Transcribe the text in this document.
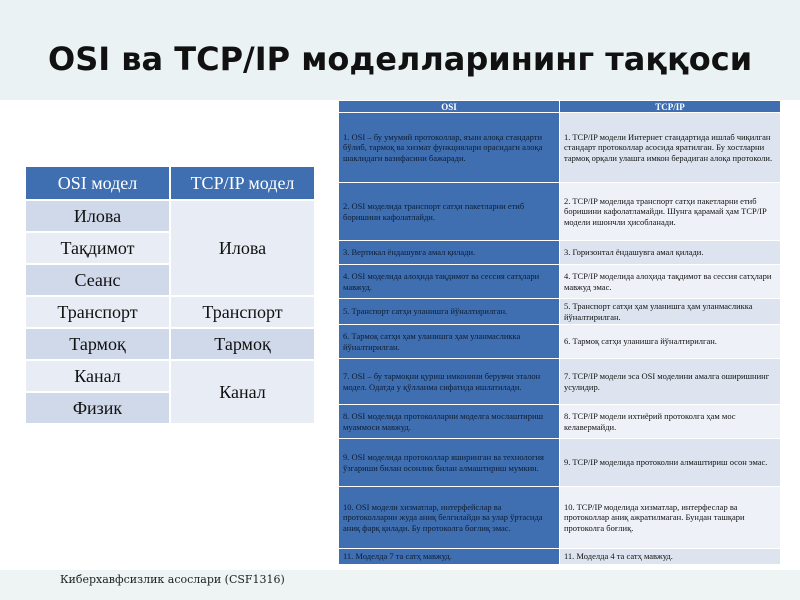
OSI ва TCP/IP моделларининг таққоси
OSI модел	TCP/IP модел
Илова	Илова
Тақдимот	
Сеанс	
Транспорт	Транспорт
Тармоқ	Тармоқ
Канал	Канал
Физик	
OSI	TCP/IP
1. OSI – бу умумий протоколлар, яъни алоқа стандарти бўлиб, тармоқ ва хизмат функциялари орасидаги алоқа шаклидаги вазифасини бажаради.	1. TCP/IP модели Интернет стандартида ишлаб чиқилган стандарт протоколлар асосида яратилган. Бу хостларни тармоқ орқали улашга имкон берадиган алоқа протоколи.
2. OSI моделида транспорт сатҳи пакетларни етиб боришини кафолатлайди.	2. TCP/IP моделида транспорт сатҳи пакетларни етиб боришини кафолатламайди. Шунга қарамай ҳам TCP/IP модели ишончли ҳисобланади.
3. Вертикал ёндашувга амал қилади.	3. Горизонтал ёндашувга амал қилади.
4. OSI моделида алоҳида тақдимот ва сессия сатҳлари мавжуд.	4. TCP/IP моделида алоҳида тақдимот ва сессия сатҳлари мавжуд эмас.
5. Транспорт сатҳи уланишга йўналтирилган.	5. Транспорт сатҳи ҳам уланишга ҳам уланмасликка йўналтирилган.
6. Тармоқ сатҳи ҳам уланишга ҳам уланмасликка йўналтирилган.	6. Тармоқ сатҳи уланишга йўналтирилган.
7. OSI – бу тармоқни қуриш имконини берувчи эталон модел. Одатда у қўлланма сифатида ишлатилади.	7. TCP/IP модели эса OSI моделини амалга оширишнинг усулидир.
8. OSI моделида протоколларни моделга мослаштириш муаммоси мавжуд.	8. TCP/IP модели ихтиёрий протоколга ҳам мос келавермайди.
9. OSI моделида протоколлар яширинган ва технология ўзгариши билан осонлик билан алмаштириш мумкин.	9. TCP/IP моделида протоколни алмаштириш осон эмас.
10. OSI модели хизматлар, интерфейслар ва протоколларни жуда аниқ белгилайди ва улар ўртасида аниқ фарқ қилади. Бу протоколга боғлиқ эмас.	10. TCP/IP моделида хизматлар, интерфеслар ва протоколлар аниқ ажратилмаган. Бундан ташқари протоколга боғлиқ.
11. Моделда 7 та сатҳ мавжуд.	11. Моделда 4 та сатҳ мавжуд.
Киберхавфсизлик асослари (CSF1316)
